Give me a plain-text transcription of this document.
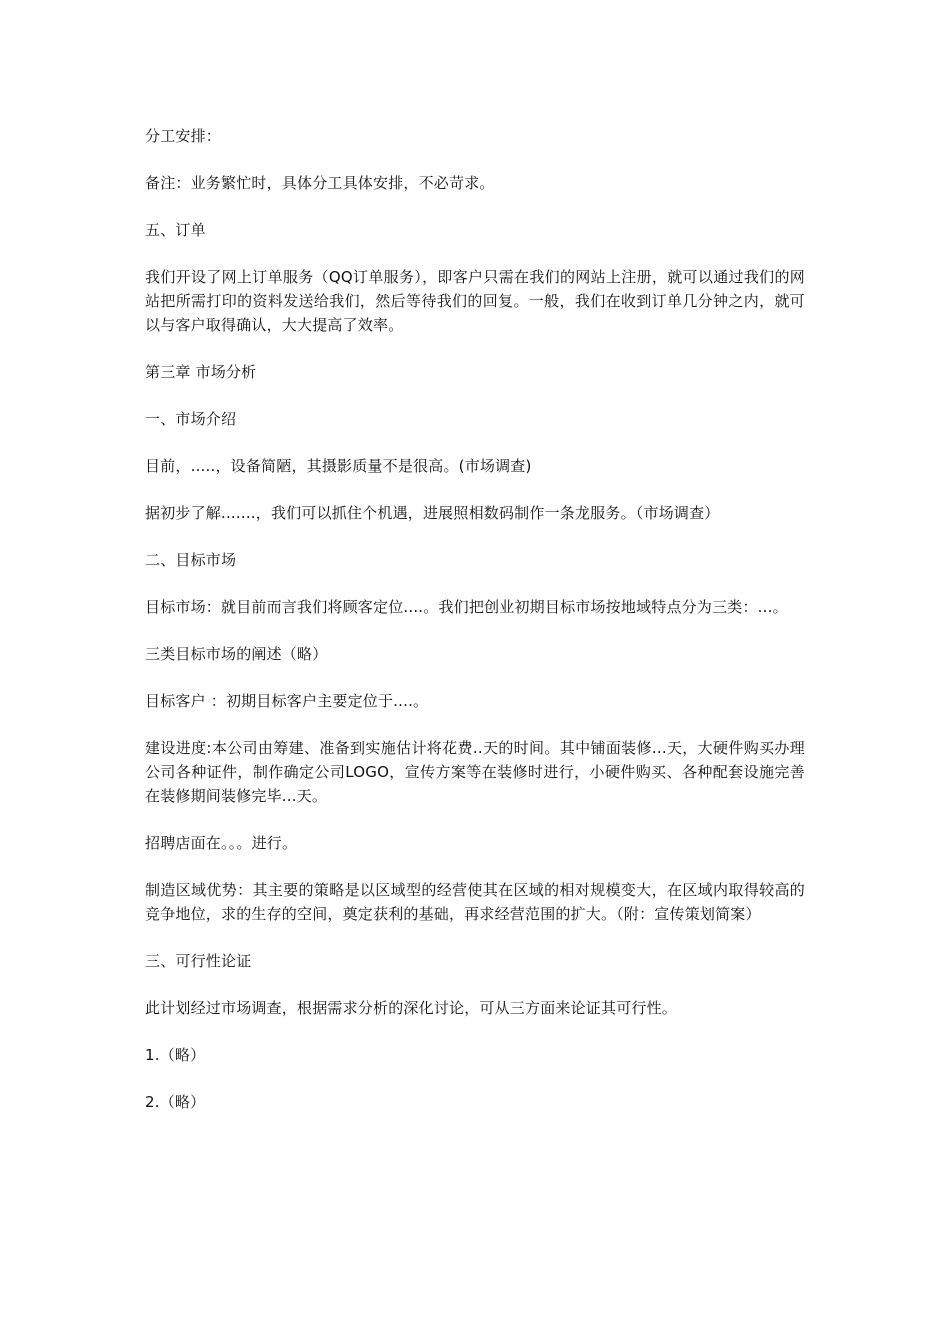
分工安排：

备注：业务繁忙时，具体分工具体安排，不必苛求。

五、订单

我们开设了网上订单服务（QQ订单服务），即客户只需在我们的网站上注册，就可以通过我们的网站把所需打印的资料发送给我们，然后等待我们的回复。一般，我们在收到订单几分钟之内，就可以与客户取得确认，大大提高了效率。

第三章 市场分析

一、市场介绍

目前，.....，设备简陋，其摄影质量不是很高。(市场调查)

据初步了解.......，我们可以抓住个机遇，进展照相数码制作一条龙服务。（市场调查）

二、目标市场

目标市场：就目前而言我们将顾客定位....。我们把创业初期目标市场按地域特点分为三类：...。

三类目标市场的阐述（略）

目标客户 ：初期目标客户主要定位于....。

建设进度:本公司由筹建、准备到实施估计将花费..天的时间。其中铺面装修...天，大硬件购买办理公司各种证件，制作确定公司LOGO，宣传方案等在装修时进行，小硬件购买、各种配套设施完善在装修期间装修完毕...天。

招聘店面在。。。进行。

制造区域优势：其主要的策略是以区域型的经营使其在区域的相对规模变大，在区域内取得较高的竞争地位，求的生存的空间，奠定获利的基础，再求经营范围的扩大。（附：宣传策划简案）

三、可行性论证

此计划经过市场调查，根据需求分析的深化讨论，可从三方面来论证其可行性。

1.（略）

2.（略）
